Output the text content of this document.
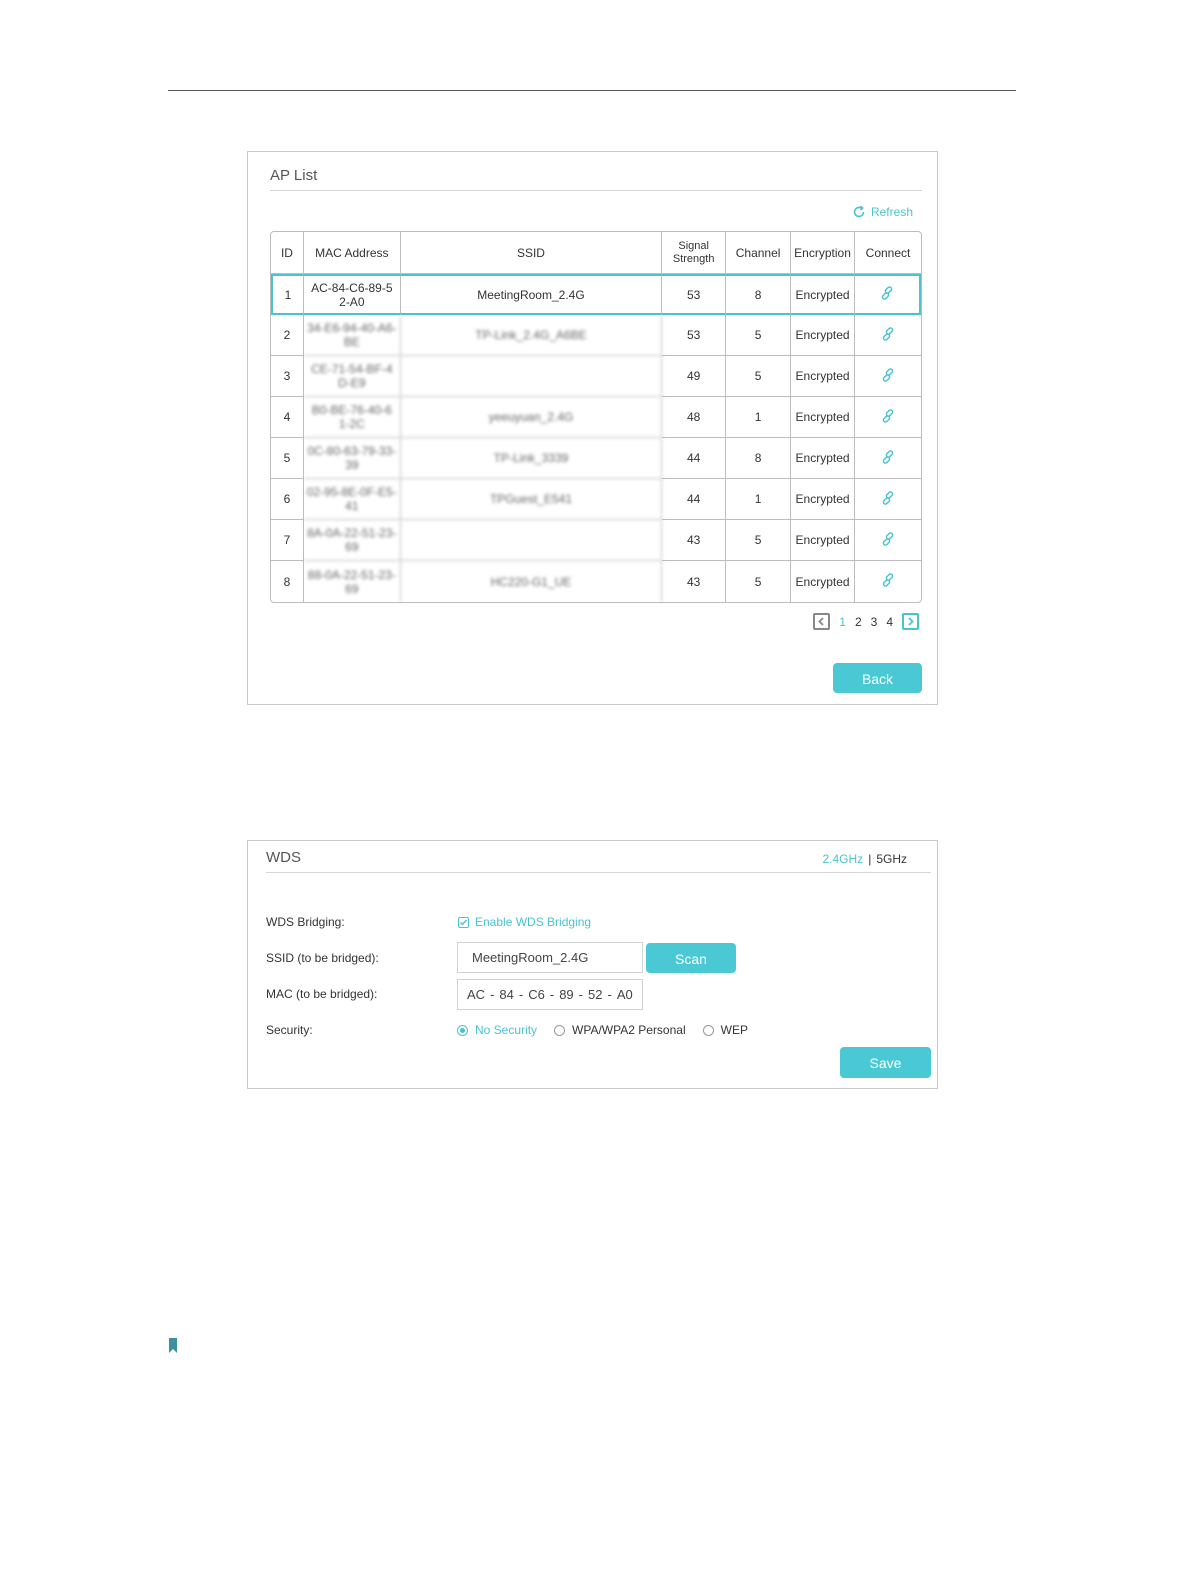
AP List
Refresh
ID	MAC Address	SSID	Signal
Strength	Channel	Encryption	Connect
1	AC-84-C6-89-5
2-A0	MeetingRoom_2.4G	53	8	Encrypted	
2	34-E6-94-40-A6-
BE	TP-Link_2.4G_A6BE	53	5	Encrypted	
3	CE-71-54-BF-4
D-E9		49	5	Encrypted	
4	B0-BE-76-40-6
1-2C	yeeuyuan_2.4G	48	1	Encrypted	
5	0C-80-63-79-33-
39	TP-Link_3339	44	8	Encrypted	
6	02-95-8E-0F-E5-
41	TPGuest_E541	44	1	Encrypted	
7	8A-0A-22-51-23-
69		43	5	Encrypted	
8	88-0A-22-51-23-
69	HC220-G1_UE	43	5	Encrypted	
1 2 3 4
Back
WDS	2.4GHz | 5GHz
WDS Bridging:	Enable WDS Bridging
SSID (to be bridged):
MeetingRoom_2.4G	Scan
MAC (to be bridged):	AC - 84 - C6 - 89 - 52 - A0
Security:	No Security	WPA/WPA2 Personal	WEP
Save
